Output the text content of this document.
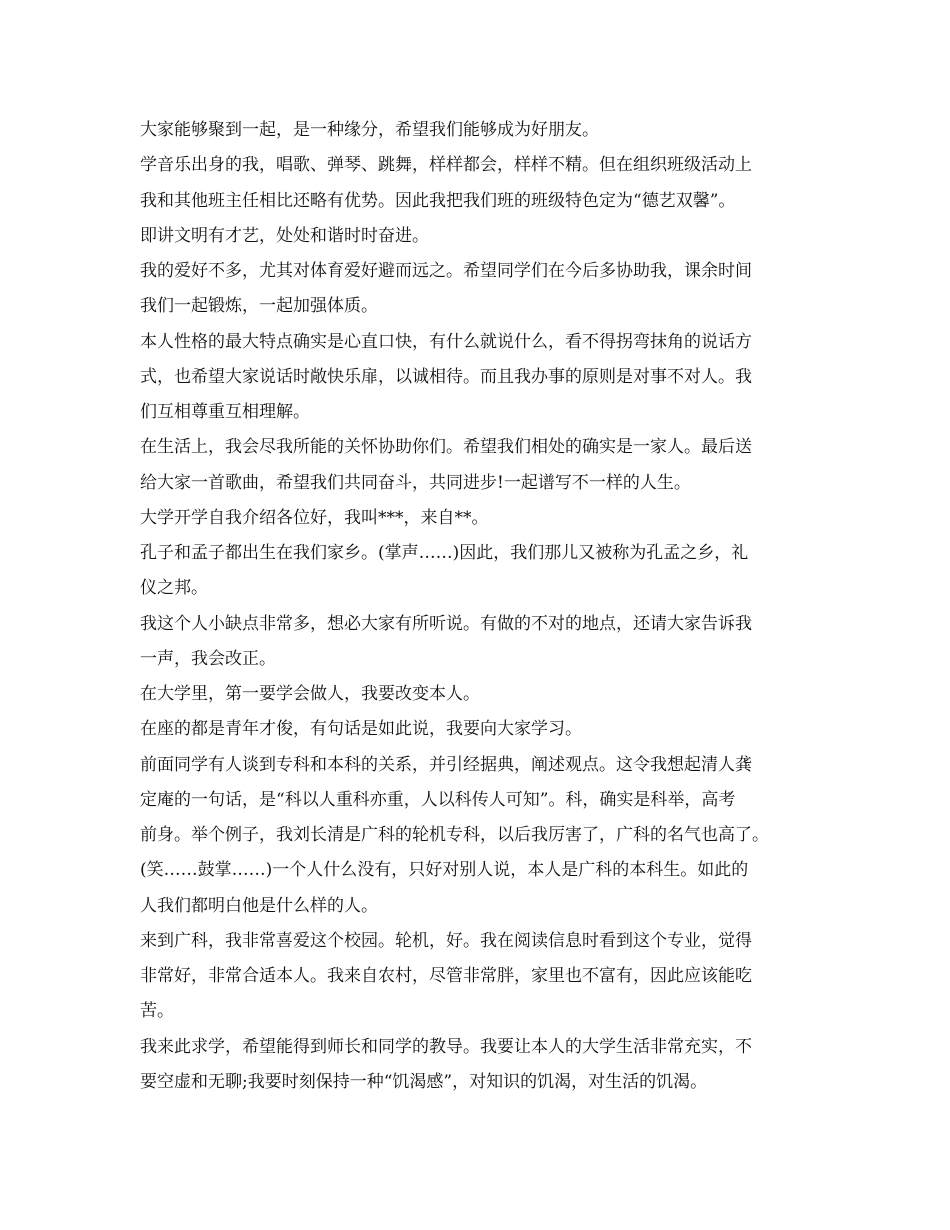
大家能够聚到一起，是一种缘分，希望我们能够成为好朋友。
学音乐出身的我，唱歌、弹琴、跳舞，样样都会，样样不精。但在组织班级活动上
我和其他班主任相比还略有优势。因此我把我们班的班级特色定为“德艺双馨”。
即讲文明有才艺，处处和谐时时奋进。
我的爱好不多，尤其对体育爱好避而远之。希望同学们在今后多协助我，课余时间
我们一起锻炼，一起加强体质。
本人性格的最大特点确实是心直口快，有什么就说什么，看不得拐弯抹角的说话方
式，也希望大家说话时敞快乐扉，以诚相待。而且我办事的原则是对事不对人。我
们互相尊重互相理解。
在生活上，我会尽我所能的关怀协助你们。希望我们相处的确实是一家人。最后送
给大家一首歌曲，希望我们共同奋斗，共同进步!一起谱写不一样的人生。
大学开学自我介绍各位好，我叫***，来自**。
孔子和孟子都出生在我们家乡。(掌声……)因此，我们那儿又被称为孔孟之乡，礼
仪之邦。
我这个人小缺点非常多，想必大家有所听说。有做的不对的地点，还请大家告诉我
一声，我会改正。
在大学里，第一要学会做人，我要改变本人。
在座的都是青年才俊，有句话是如此说，我要向大家学习。
前面同学有人谈到专科和本科的关系，并引经据典，阐述观点。这令我想起清人龚
定庵的一句话，是“科以人重科亦重，人以科传人可知”。科，确实是科举，高考
前身。举个例子，我刘长清是广科的轮机专科，以后我厉害了，广科的名气也高了。
(笑……鼓掌……)一个人什么没有，只好对别人说，本人是广科的本科生。如此的
人我们都明白他是什么样的人。
来到广科，我非常喜爱这个校园。轮机，好。我在阅读信息时看到这个专业，觉得
非常好，非常合适本人。我来自农村，尽管非常胖，家里也不富有，因此应该能吃
苦。
我来此求学，希望能得到师长和同学的教导。我要让本人的大学生活非常充实，不
要空虚和无聊;我要时刻保持一种“饥渴感”，对知识的饥渴，对生活的饥渴。
